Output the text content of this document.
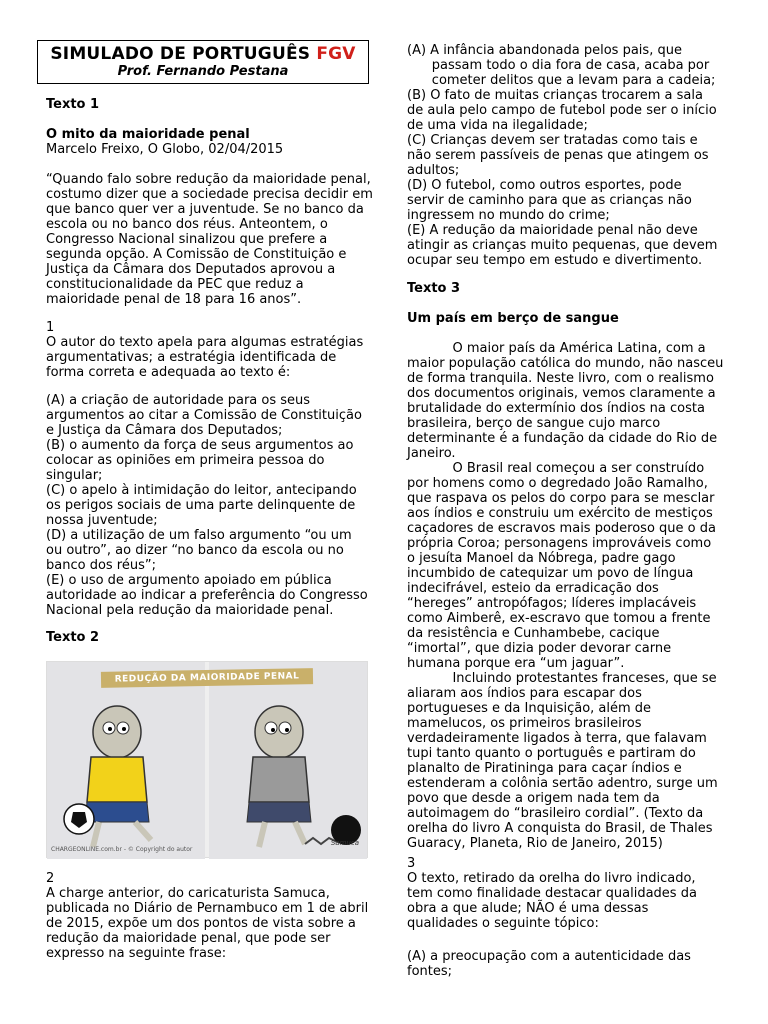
SIMULADO DE PORTUGUÊS FGV
Prof. Fernando Pestana
Texto 1
O mito da maioridade penal
Marcelo Freixo, O Globo, 02/04/2015
“Quando falo sobre redução da maioridade penal,
costumo dizer que a sociedade precisa decidir em
que banco quer ver a juventude. Se no banco da
escola ou no banco dos réus. Anteontem, o
Congresso Nacional sinalizou que prefere a
segunda opção. A Comissão de Constituição e
Justiça da Câmara dos Deputados aprovou a
constitucionalidade da PEC que reduz a
maioridade penal de 18 para 16 anos”.
1
O autor do texto apela para algumas estratégias
argumentativas; a estratégia identificada de
forma correta e adequada ao texto é:
(A) a criação de autoridade para os seus
argumentos ao citar a Comissão de Constituição
e Justiça da Câmara dos Deputados;
(B) o aumento da força de seus argumentos ao
colocar as opiniões em primeira pessoa do
singular;
(C) o apelo à intimidação do leitor, antecipando
os perigos sociais de uma parte delinquente de
nossa juventude;
(D) a utilização de um falso argumento “ou um
ou outro”, ao dizer “no banco da escola ou no
banco dos réus”;
(E) o uso de argumento apoiado em pública
autoridade ao indicar a preferência do Congresso
Nacional pela redução da maioridade penal.
Texto 2
REDUÇÃO DA MAIORIDADE PENAL
CHARGEONLINE.com.br - © Copyright do autor
Samuca
2
A charge anterior, do caricaturista Samuca,
publicada no Diário de Pernambuco em 1 de abril
de 2015, expõe um dos pontos de vista sobre a
redução da maioridade penal, que pode ser
expresso na seguinte frase:
(A) A infância abandonada pelos pais, que
passam todo o dia fora de casa, acaba por
cometer delitos que a levam para a cadeia;
(B) O fato de muitas crianças trocarem a sala
de aula pelo campo de futebol pode ser o início
de uma vida na ilegalidade;
(C) Crianças devem ser tratadas como tais e
não serem passíveis de penas que atingem os
adultos;
(D) O futebol, como outros esportes, pode
servir de caminho para que as crianças não
ingressem no mundo do crime;
(E) A redução da maioridade penal não deve
atingir as crianças muito pequenas, que devem
ocupar seu tempo em estudo e divertimento.
Texto 3
Um país em berço de sangue
O maior país da América Latina, com a
maior população católica do mundo, não nasceu
de forma tranquila. Neste livro, com o realismo
dos documentos originais, vemos claramente a
brutalidade do extermínio dos índios na costa
brasileira, berço de sangue cujo marco
determinante é a fundação da cidade do Rio de
Janeiro.
O Brasil real começou a ser construído
por homens como o degredado João Ramalho,
que raspava os pelos do corpo para se mesclar
aos índios e construiu um exército de mestiços
caçadores de escravos mais poderoso que o da
própria Coroa; personagens improváveis como
o jesuíta Manoel da Nóbrega, padre gago
incumbido de catequizar um povo de língua
indecifrável, esteio da erradicação dos
“hereges” antropófagos; líderes implacáveis
como Aimberê, ex-escravo que tomou a frente
da resistência e Cunhambebe, cacique
“imortal”, que dizia poder devorar carne
humana porque era “um jaguar”.
Incluindo protestantes franceses, que se
aliaram aos índios para escapar dos
portugueses e da Inquisição, além de
mamelucos, os primeiros brasileiros
verdadeiramente ligados à terra, que falavam
tupi tanto quanto o português e partiram do
planalto de Piratininga para caçar índios e
estenderam a colônia sertão adentro, surge um
povo que desde a origem nada tem da
autoimagem do “brasileiro cordial”. (Texto da
orelha do livro A conquista do Brasil, de Thales
Guaracy, Planeta, Rio de Janeiro, 2015)
3
O texto, retirado da orelha do livro indicado,
tem como finalidade destacar qualidades da
obra a que alude; NÃO é uma dessas
qualidades o seguinte tópico:
(A) a preocupação com a autenticidade das
fontes;
